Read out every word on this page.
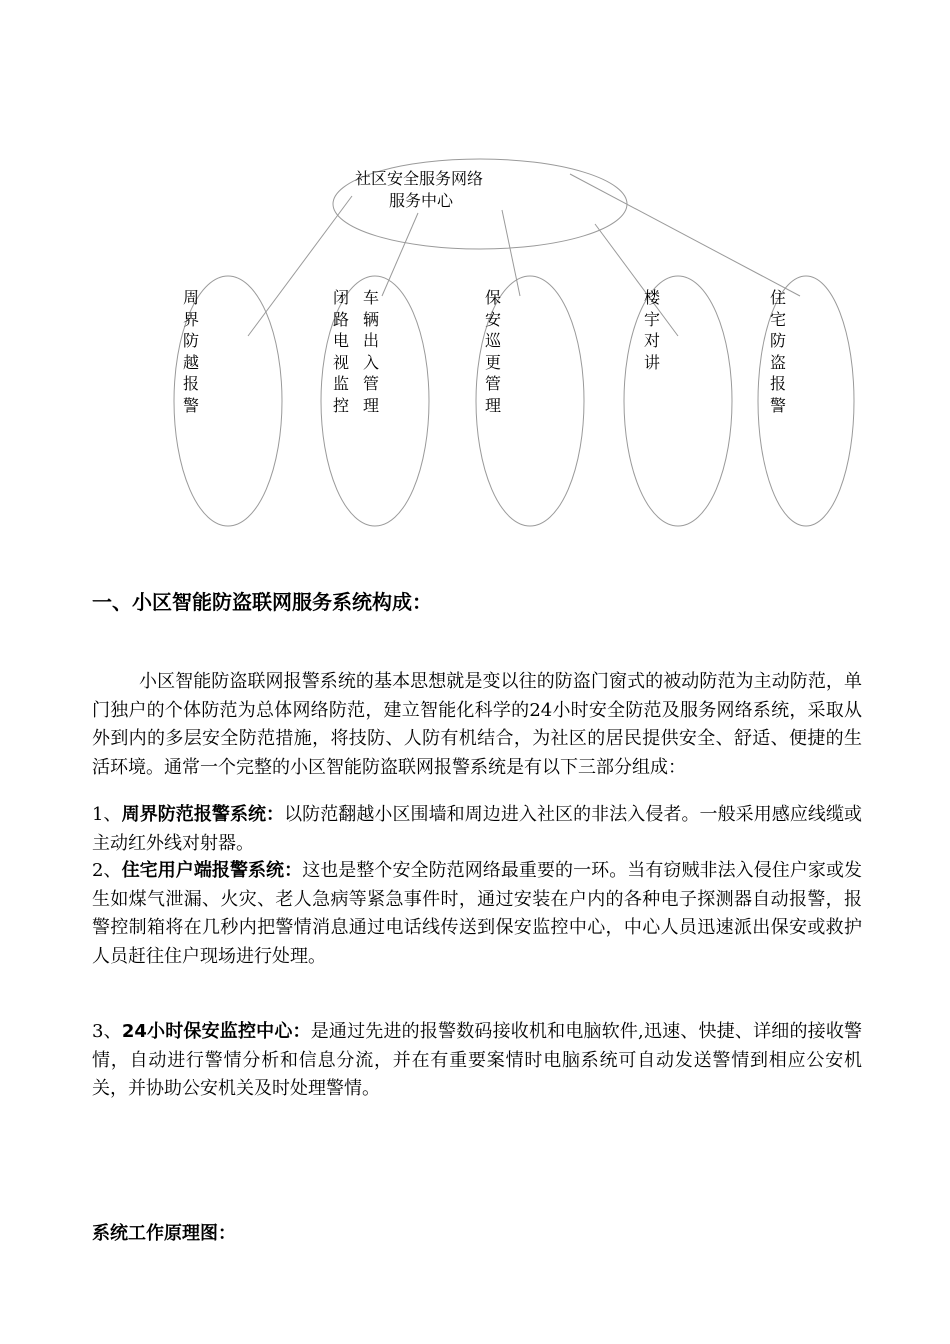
社区安全服务网络
服务中心
周界防越报警
闭路电视监控
车辆出入管理
保安巡更管理
楼宇对讲
住宅防盗报警
一、小区智能防盗联网服务系统构成：

小区智能防盗联网报警系统的基本思想就是变以往的防盗门窗式的被动防范为主动防范，单门独户的个体防范为总体网络防范，建立智能化科学的24小时安全防范及服务网络系统，采取从外到内的多层安全防范措施，将技防、人防有机结合，为社区的居民提供安全、舒适、便捷的生活环境。通常一个完整的小区智能防盗联网报警系统是有以下三部分组成：

1、周界防范报警系统：以防范翻越小区围墙和周边进入社区的非法入侵者。一般采用感应线缆或主动红外线对射器。

2、住宅用户端报警系统：这也是整个安全防范网络最重要的一环。当有窃贼非法入侵住户家或发生如煤气泄漏、火灾、老人急病等紧急事件时，通过安装在户内的各种电子探测器自动报警，报警控制箱将在几秒内把警情消息通过电话线传送到保安监控中心，中心人员迅速派出保安或救护人员赶往住户现场进行处理。

3、24小时保安监控中心：是通过先进的报警数码接收机和电脑软件,迅速、快捷、详细的接收警情，自动进行警情分析和信息分流，并在有重要案情时电脑系统可自动发送警情到相应公安机关，并协助公安机关及时处理警情。

系统工作原理图：
